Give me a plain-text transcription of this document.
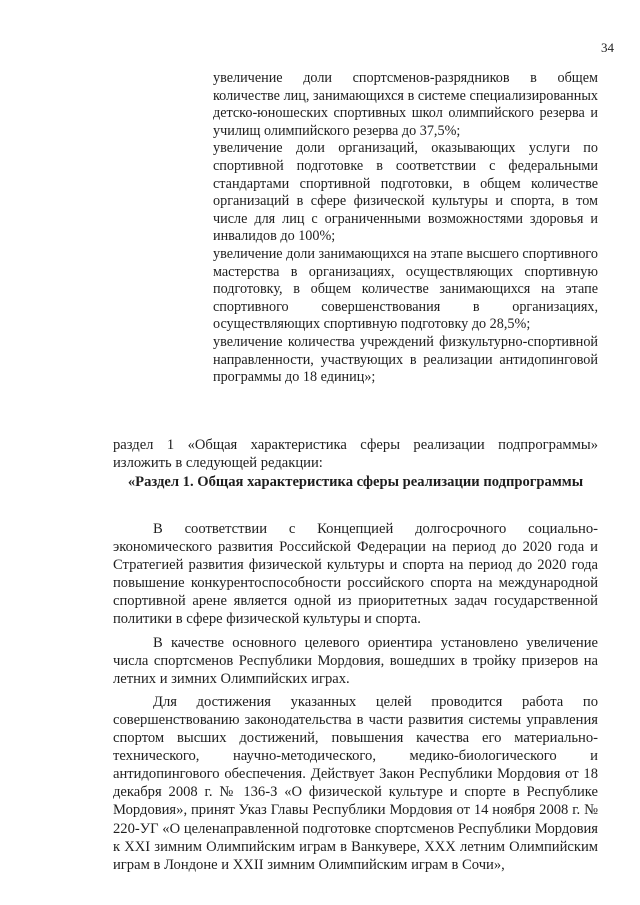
34

увеличение доли спортсменов-разрядников в общем количестве лиц, занимающихся в системе специализированных детско-юношеских спортивных школ олимпийского резерва и училищ олимпийского резерва до 37,5%;

увеличение доли организаций, оказывающих услуги по спортивной подготовке в соответствии с федеральными стандартами спортивной подготовки, в общем количестве организаций в сфере физической культуры и спорта, в том числе для лиц с ограниченными возможностями здоровья и инвалидов до 100%;

увеличение доли занимающихся на этапе высшего спортивного мастерства в организациях, осуществляющих спортивную подготовку, в общем количестве занимающихся на этапе спортивного совершенствования в организациях, осуществляющих спортивную подготовку до 28,5%;

увеличение количества учреждений физкультурно-спортивной направленности, участвующих в реализации антидопинговой программы до 18 единиц»;

раздел 1 «Общая характеристика сферы реализации подпрограммы» изложить в следующей редакции:

«Раздел 1. Общая характеристика сферы реализации подпрограммы

В соответствии с Концепцией долгосрочного социально-экономического развития Российской Федерации на период до 2020 года и Стратегией развития физической культуры и спорта на период до 2020 года повышение конкурентоспособности российского спорта на международной спортивной арене является одной из приоритетных задач государственной политики в сфере физической культуры и спорта.

В качестве основного целевого ориентира установлено увеличение числа спортсменов Республики Мордовия, вошедших в тройку призеров на летних и зимних Олимпийских играх.

Для достижения указанных целей проводится работа по совершенствованию законодательства в части развития системы управления спортом высших достижений, повышения качества его материально-технического, научно-методического, медико-биологического и антидопингового обеспечения. Действует Закон Республики Мордовия от 18 декабря 2008 г. № 136-З «О физической культуре и спорте в Республике Мордовия», принят Указ Главы Республики Мордовия от 14 ноября 2008 г. № 220-УГ «О целенаправленной подготовке спортсменов Республики Мордовия к XXI зимним Олимпийским играм в Ванкувере, XXX летним Олимпийским играм в Лондоне и XXII зимним Олимпийским играм в Сочи»,
